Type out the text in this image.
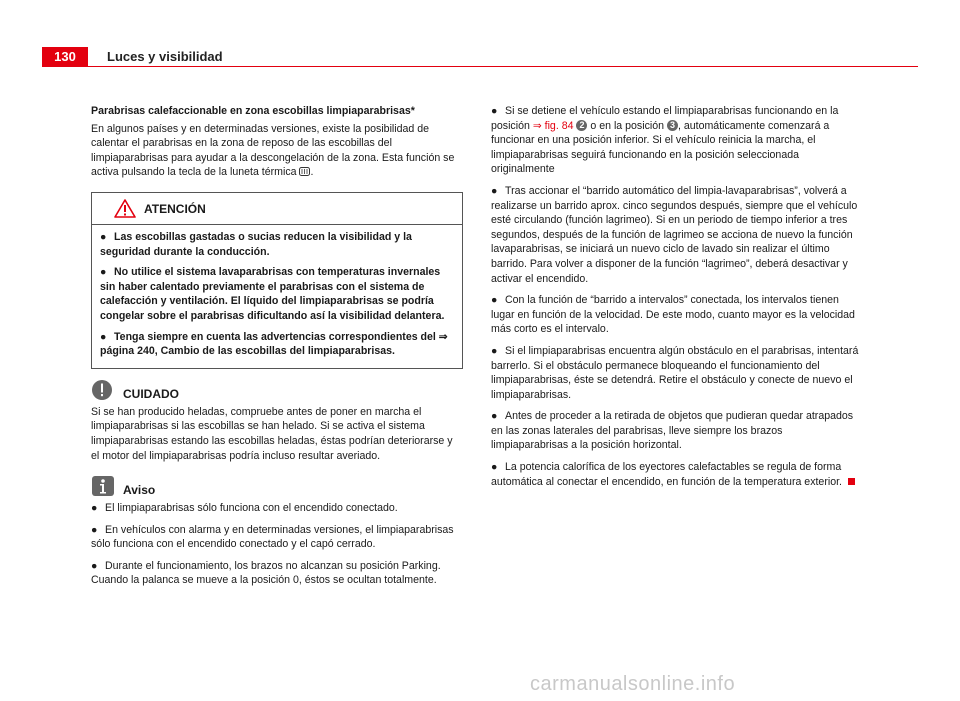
130	Luces y visibilidad

Parabrisas calefaccionable en zona escobillas limpiaparabrisas*

En algunos países y en determinadas versiones, existe la posibilidad de calentar el parabrisas en la zona de reposo de las escobillas del limpiaparabrisas para ayudar a la descongelación de la zona. Esta función se activa pulsando la tecla de la luneta térmica .

ATENCIÓN

● Las escobillas gastadas o sucias reducen la visibilidad y la seguridad durante la conducción.

● No utilice el sistema lavaparabrisas con temperaturas invernales sin haber calentado previamente el parabrisas con el sistema de calefacción y ventilación. El líquido del limpiaparabrisas se podría congelar sobre el parabrisas dificultando así la visibilidad delantera.

● Tenga siempre en cuenta las advertencias correspondientes del ⇒ página 240, Cambio de las escobillas del limpiaparabrisas.

CUIDADO

Si se han producido heladas, compruebe antes de poner en marcha el limpiaparabrisas si las escobillas se han helado. Si se activa el sistema limpiaparabrisas estando las escobillas heladas, éstas podrían deteriorarse y el motor del limpiaparabrisas podría incluso resultar averiado.

Aviso

● El limpiaparabrisas sólo funciona con el encendido conectado.

● En vehículos con alarma y en determinadas versiones, el limpiaparabrisas sólo funciona con el encendido conectado y el capó cerrado.

● Durante el funcionamiento, los brazos no alcanzan su posición Parking. Cuando la palanca se mueve a la posición 0, éstos se ocultan totalmente.

● Si se detiene el vehículo estando el limpiaparabrisas funcionando en la posición ⇒ fig. 84 2 o en la posición 3 , automáticamente comenzará a funcionar en una posición inferior. Si el vehículo reinicia la marcha, el limpiaparabrisas seguirá funcionando en la posición seleccionada originalmente

● Tras accionar el “barrido automático del limpia-lavaparabrisas”, volverá a realizarse un barrido aprox. cinco segundos después, siempre que el vehículo esté circulando (función lagrimeo). Si en un periodo de tiempo inferior a tres segundos, después de la función de lagrimeo se acciona de nuevo la función lavaparabrisas, se iniciará un nuevo ciclo de lavado sin realizar el último barrido. Para volver a disponer de la función “lagrimeo”, deberá desactivar y activar el encendido.

● Con la función de “barrido a intervalos” conectada, los intervalos tienen lugar en función de la velocidad. De este modo, cuanto mayor es la velocidad más corto es el intervalo.

● Si el limpiaparabrisas encuentra algún obstáculo en el parabrisas, intentará barrerlo. Si el obstáculo permanece bloqueando el funcionamiento del limpiaparabrisas, éste se detendrá. Retire el obstáculo y conecte de nuevo el limpiaparabrisas.

● Antes de proceder a la retirada de objetos que pudieran quedar atrapados en las zonas laterales del parabrisas, lleve siempre los brazos limpiaparabrisas a la posición horizontal.

● La potencia calorífica de los eyectores calefactables se regula de forma automática al conectar el encendido, en función de la temperatura exterior.

carmanualsonline.info
